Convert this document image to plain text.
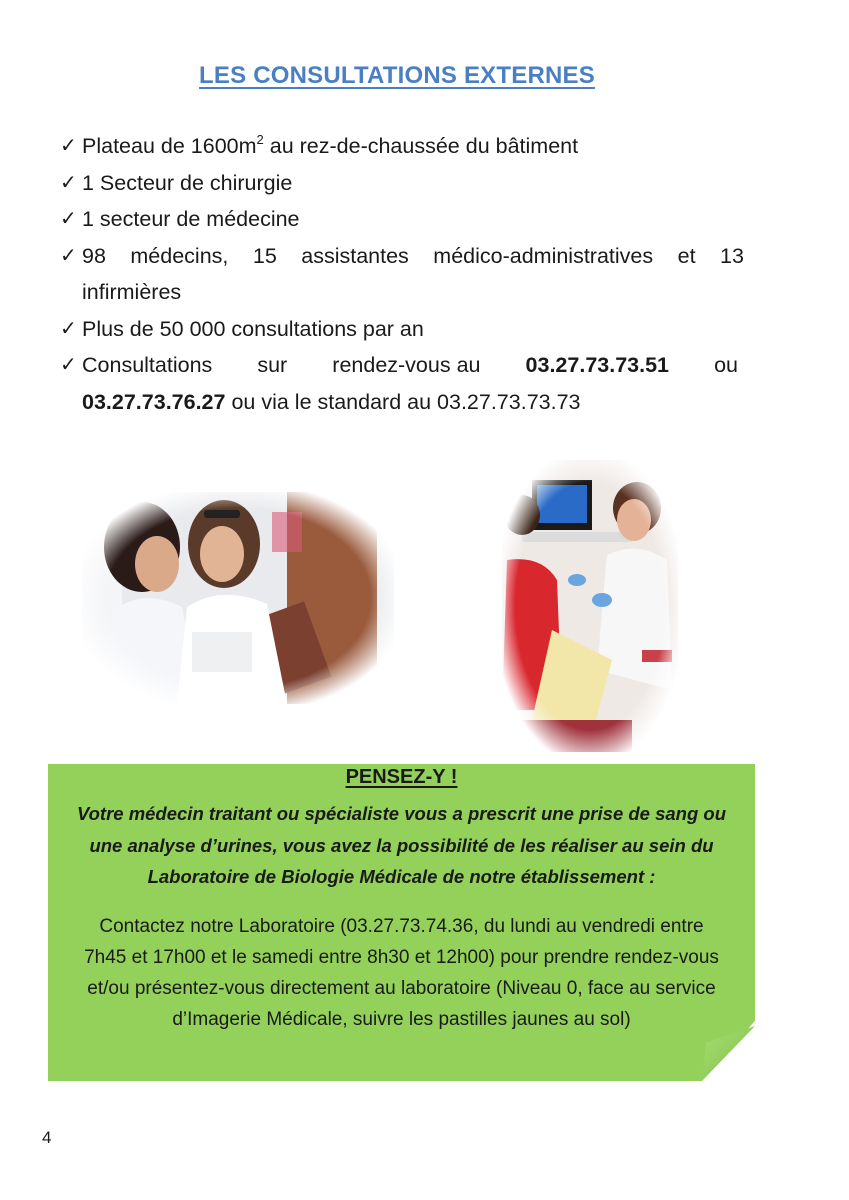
LES CONSULTATIONS EXTERNES
✓ Plateau de $1600m^2$ au rez-de-chaussée du bâtiment
✓ 1 Secteur de chirurgie
✓ 1 secteur de médecine
✓ 98 médecins, 15 assistantes médico-administratives et 13
infirmières
✓ Plus de 50 000 consultations par an
✓ Consultations sur rendez-vous au 03.27.73.73.51 ou
03.27.73.76.27 ou via le standard au 03.27.73.73.73
PENSEZ-Y !
Votre médecin traitant ou spécialiste vous a prescrit une prise de sang ou
une analyse d’urines, vous avez la possibilité de les réaliser au sein du
Laboratoire de Biologie Médicale de notre établissement :
Contactez notre Laboratoire (03.27.73.74.36, du lundi au vendredi entre
7h45 et 17h00 et le samedi entre 8h30 et 12h00) pour prendre rendez-vous
et/ou présentez-vous directement au laboratoire (Niveau 0, face au service
d’Imagerie Médicale, suivre les pastilles jaunes au sol)
4
